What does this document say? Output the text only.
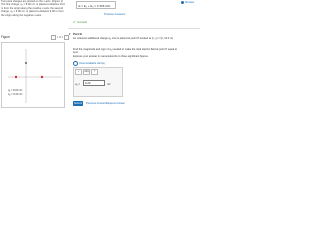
Two point charges are placed on the x-axis. (Figure 1) The first charge, q₁ = 8.00 nC, is placed a distance 16.0 m from the origin along the positive x-axis; the second charge, q₂ = 6.00 nC, is placed a distance 9.00 m from the origin along the negative x-axis.
E = E₁ + E₂ = 0.366 N/C
Previous Answers
Review
✔ Correct
▾ Part B
An unknown additional charge q₃ now is placed at point P located at (x, y) = (0, 12.0 m).
Find the magnitude and sign of q₃ needed to make the total electric field at point P equal to zero.
Express your answer in nanocoulombs to three significant figures.
›	View Available Hint(s)
√	AΣφ	?
q₃ =	0.23	nC
Submit	Previous Answers Request Answer
Figure	‹	1 of 1	›
q₁ = 8.00 nC
q₂ = 6.00 nC
